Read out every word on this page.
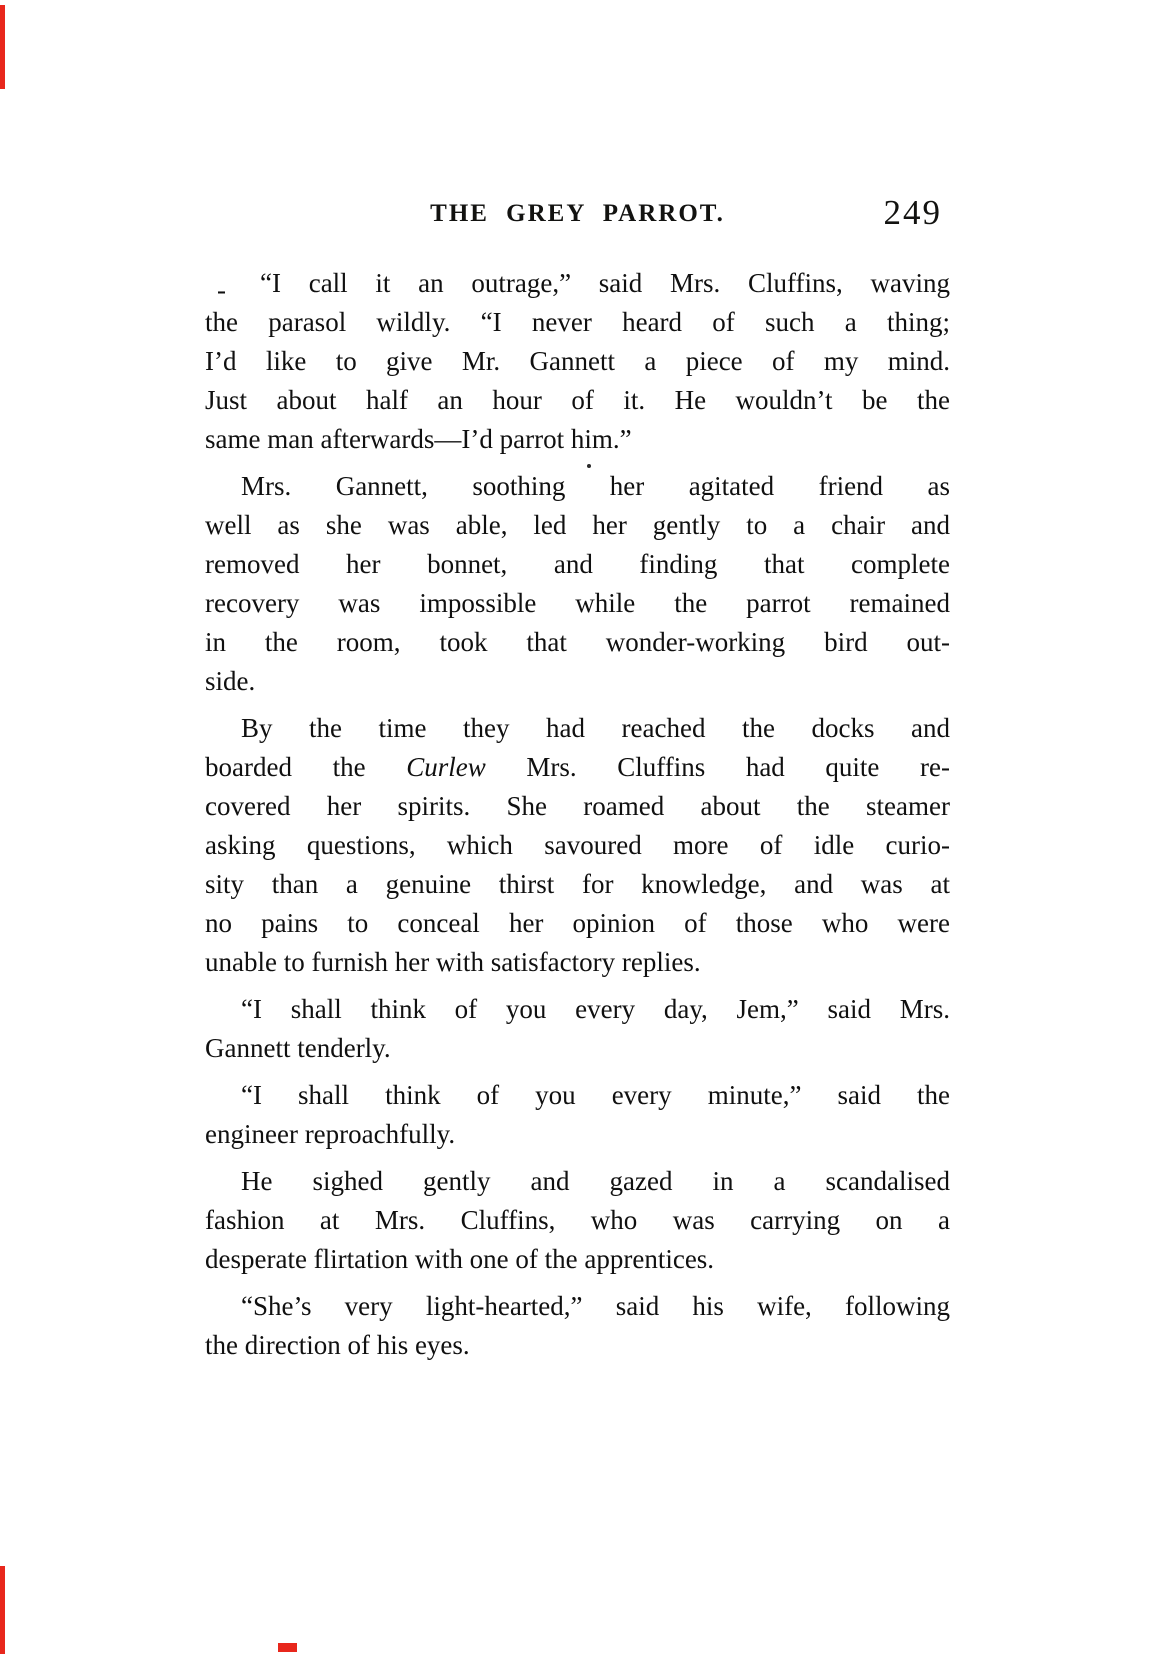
THE GREY PARROT.	249
-	“I call it an outrage,” said Mrs. Cluffins, waving
the parasol wildly. “I never heard of such a thing;
I’d like to give Mr. Gannett a piece of my mind.
Just about half an hour of it. He wouldn’t be the
same man afterwards—I’d parrot him.”

Mrs. Gannett, soothing her agitated friend as
well as she was able, led her gently to a chair and
removed her bonnet, and finding that complete
recovery was impossible while the parrot remained
in the room, took that wonder-working bird out-
side.

By the time they had reached the docks and
boarded the Curlew Mrs. Cluffins had quite re-
covered her spirits. She roamed about the steamer
asking questions, which savoured more of idle curio-
sity than a genuine thirst for knowledge, and was at
no pains to conceal her opinion of those who were
unable to furnish her with satisfactory replies.

“I shall think of you every day, Jem,” said Mrs.
Gannett tenderly.

“I shall think of you every minute,” said the
engineer reproachfully.

He sighed gently and gazed in a scandalised
fashion at Mrs. Cluffins, who was carrying on a
desperate flirtation with one of the apprentices.

“She’s very light-hearted,” said his wife, following
the direction of his eyes.
